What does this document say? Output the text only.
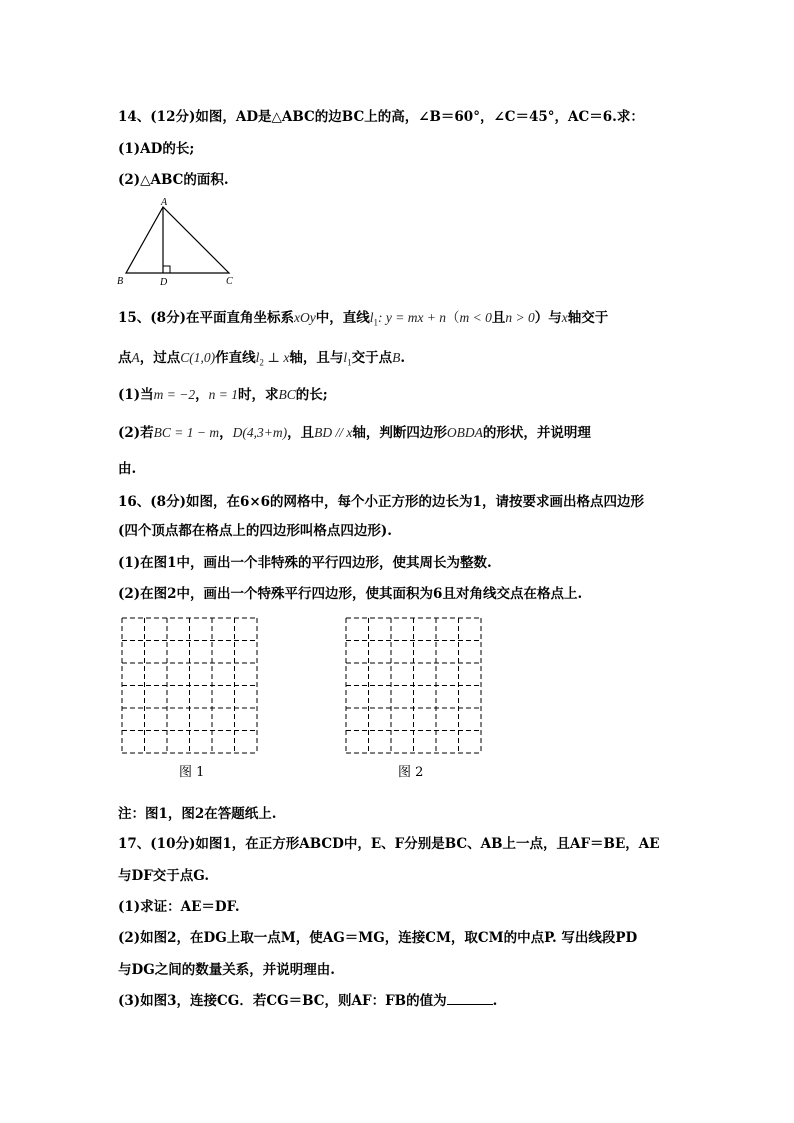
14、(12分)如图，AD是△ABC的边BC上的高，∠B＝60°，∠C＝45°，AC＝6.求：
(1)AD的长;
(2)△ABC的面积.
A
B	D	C
15、(8分)在平面直角坐标系xOy中，直线$l_1$: y = mx + n（m < 0且n > 0）与x轴交于
点A，过点C(1,0)作直线$l_2$ ⊥ x轴，且与$l_1$交于点B.
(1)当m = −2，n = 1时，求BC的长;
(2)若BC = 1 − m，D(4,3+m)，且BD // x轴，判断四边形OBDA的形状，并说明理
由.
16、(8分)如图，在6×6的网格中，每个小正方形的边长为1，请按要求画出格点四边形
(四个顶点都在格点上的四边形叫格点四边形).
(1)在图1中，画出一个非特殊的平行四边形，使其周长为整数.
(2)在图2中，画出一个特殊平行四边形，使其面积为6且对角线交点在格点上.
图 1	图 2
注：图1，图2在答题纸上.
17、(10分)如图1，在正方形ABCD中，E、F分别是BC、AB上一点，且AF＝BE，AE
与DF交于点G.
(1)求证：AE＝DF.
(2)如图2，在DG上取一点M，使AG＝MG，连接CM，取CM的中点P. 写出线段PD
与DG之间的数量关系，并说明理由.
(3)如图3，连接CG．若CG＝BC，则AF：FB的值为	.
